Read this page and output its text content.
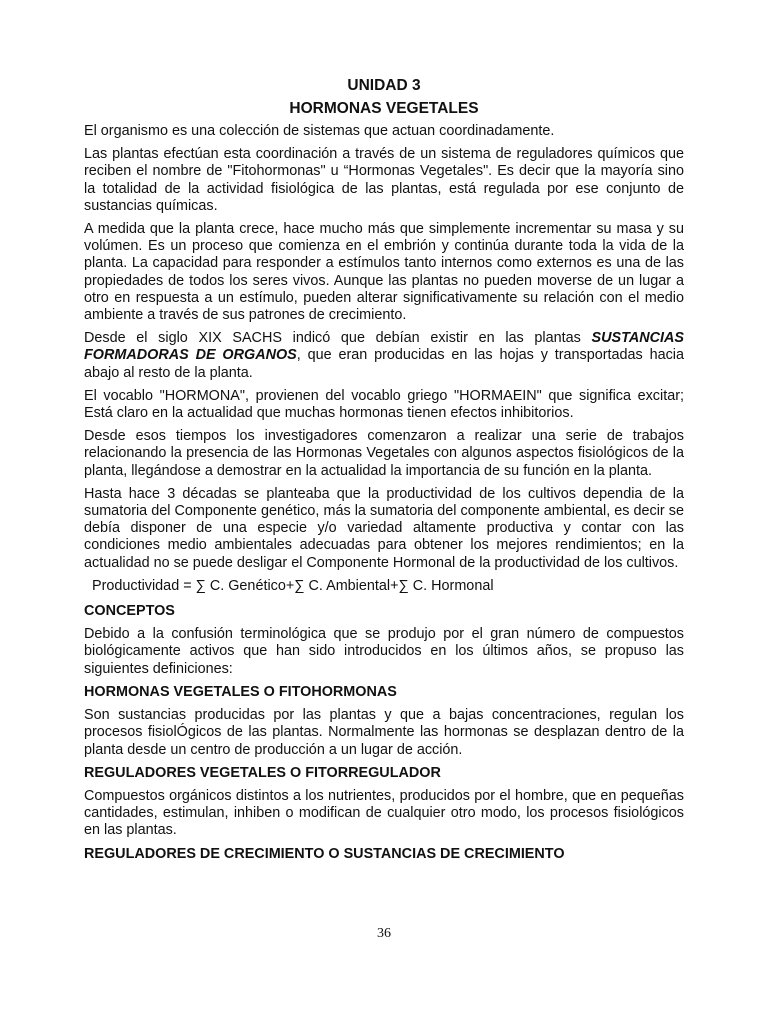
UNIDAD 3
HORMONAS VEGETALES

El organismo es una colección de sistemas que actuan coordinadamente.

Las plantas efectúan esta coordinación a través de un sistema de reguladores químicos que reciben el nombre de "Fitohormonas" u “Hormonas Vegetales". Es decir que la mayoría sino la totalidad de la actividad fisiológica de las plantas, está regulada por ese conjunto de sustancias químicas.

A medida que la planta crece, hace mucho más que simplemente incrementar su masa y su volúmen. Es un proceso que comienza en el embrión y continúa durante toda la vida de la planta. La capacidad para responder a estímulos tanto internos como externos es una de las propiedades de todos los seres vivos. Aunque las plantas no pueden moverse de un lugar a otro en respuesta a un estímulo, pueden alterar significativamente su relación con el medio ambiente a través de sus patrones de crecimiento.

Desde el siglo XIX SACHS indicó que debían existir en las plantas SUSTANCIAS FORMADORAS DE ORGANOS, que eran producidas en las hojas y transportadas hacia abajo al resto de la planta.

El vocablo "HORMONA", provienen del vocablo griego "HORMAEIN" que significa excitar; Está claro en la actualidad que muchas hormonas tienen efectos inhibitorios.

Desde esos tiempos los investigadores comenzaron a realizar una serie de trabajos relacionando la presencia de las Hormonas Vegetales con algunos aspectos fisiológicos de la planta, llegándose a demostrar en la actualidad la importancia de su función en la planta.

Hasta hace 3 décadas se planteaba que la productividad de los cultivos dependia de la sumatoria del Componente genético, más la sumatoria del componente ambiental, es decir se debía disponer de una especie y/o variedad altamente productiva y contar con las condiciones medio ambientales adecuadas para obtener los mejores rendimientos; en la actualidad no se puede desligar el Componente Hormonal de la productividad de los cultivos.

Productividad = ∑ C. Genético+∑ C. Ambiental+∑ C. Hormonal
CONCEPTOS

Debido a la confusión terminológica que se produjo por el gran número de compuestos biológicamente activos que han sido introducidos en los últimos años, se propuso las siguientes definiciones:

HORMONAS VEGETALES O FITOHORMONAS

Son sustancias producidas por las plantas y que a bajas concentraciones, regulan los procesos fisiolÓgicos de las plantas. Normalmente las hormonas se desplazan dentro de la planta desde un centro de producción a un lugar de acción.

REGULADORES VEGETALES O FITORREGULADOR

Compuestos orgánicos distintos a los nutrientes, producidos por el hombre, que en pequeñas cantidades, estimulan, inhiben o modifican de cualquier otro modo, los procesos fisiológicos en las plantas.

REGULADORES DE CRECIMIENTO O SUSTANCIAS DE CRECIMIENTO
36
